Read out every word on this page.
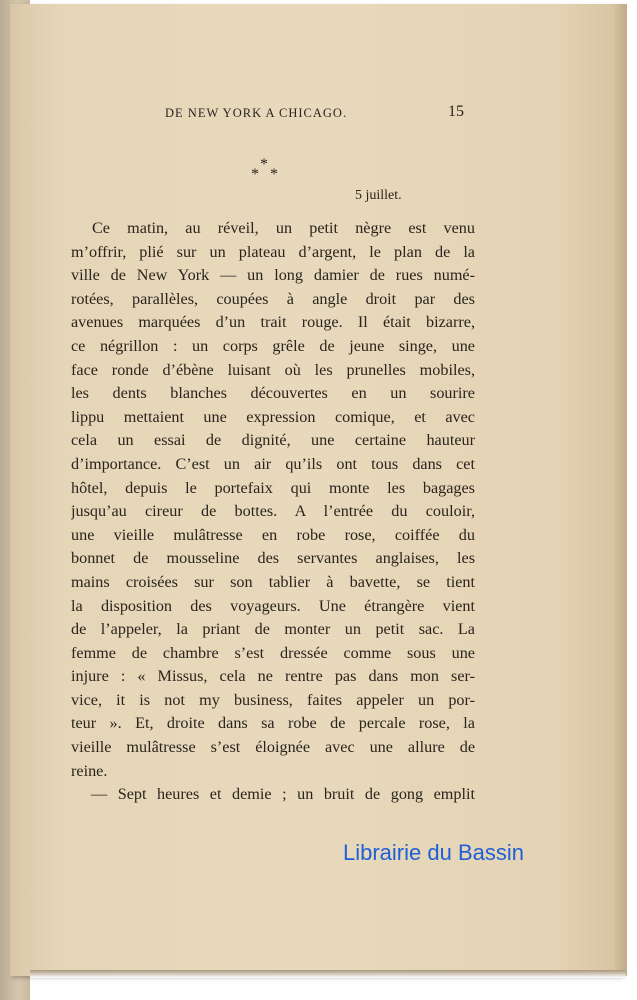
DE NEW YORK A CHICAGO.	15
*
* *
5 juillet.
Ce matin, au réveil, un petit nègre est venu
m’offrir, plié sur un plateau d’argent, le plan de la
ville de New York — un long damier de rues numé-
rotées, parallèles, coupées à angle droit par des
avenues marquées d’un trait rouge. Il était bizarre,
ce négrillon : un corps grêle de jeune singe, une
face ronde d’ébène luisant où les prunelles mobiles,
les dents blanches découvertes en un sourire
lippu mettaient une expression comique, et avec
cela un essai de dignité, une certaine hauteur
d’importance. C’est un air qu’ils ont tous dans cet
hôtel, depuis le portefaix qui monte les bagages
jusqu’au cireur de bottes. A l’entrée du couloir,
une vieille mulâtresse en robe rose, coiffée du
bonnet de mousseline des servantes anglaises, les
mains croisées sur son tablier à bavette, se tient
la disposition des voyageurs. Une étrangère vient
de l’appeler, la priant de monter un petit sac. La
femme de chambre s’est dressée comme sous une
injure : « Missus, cela ne rentre pas dans mon ser-
vice, it is not my business, faites appeler un por-
teur ». Et, droite dans sa robe de percale rose, la
vieille mulâtresse s’est éloignée avec une allure de
reine.
— Sept heures et demie ; un bruit de gong emplit
Librairie du Bassin
